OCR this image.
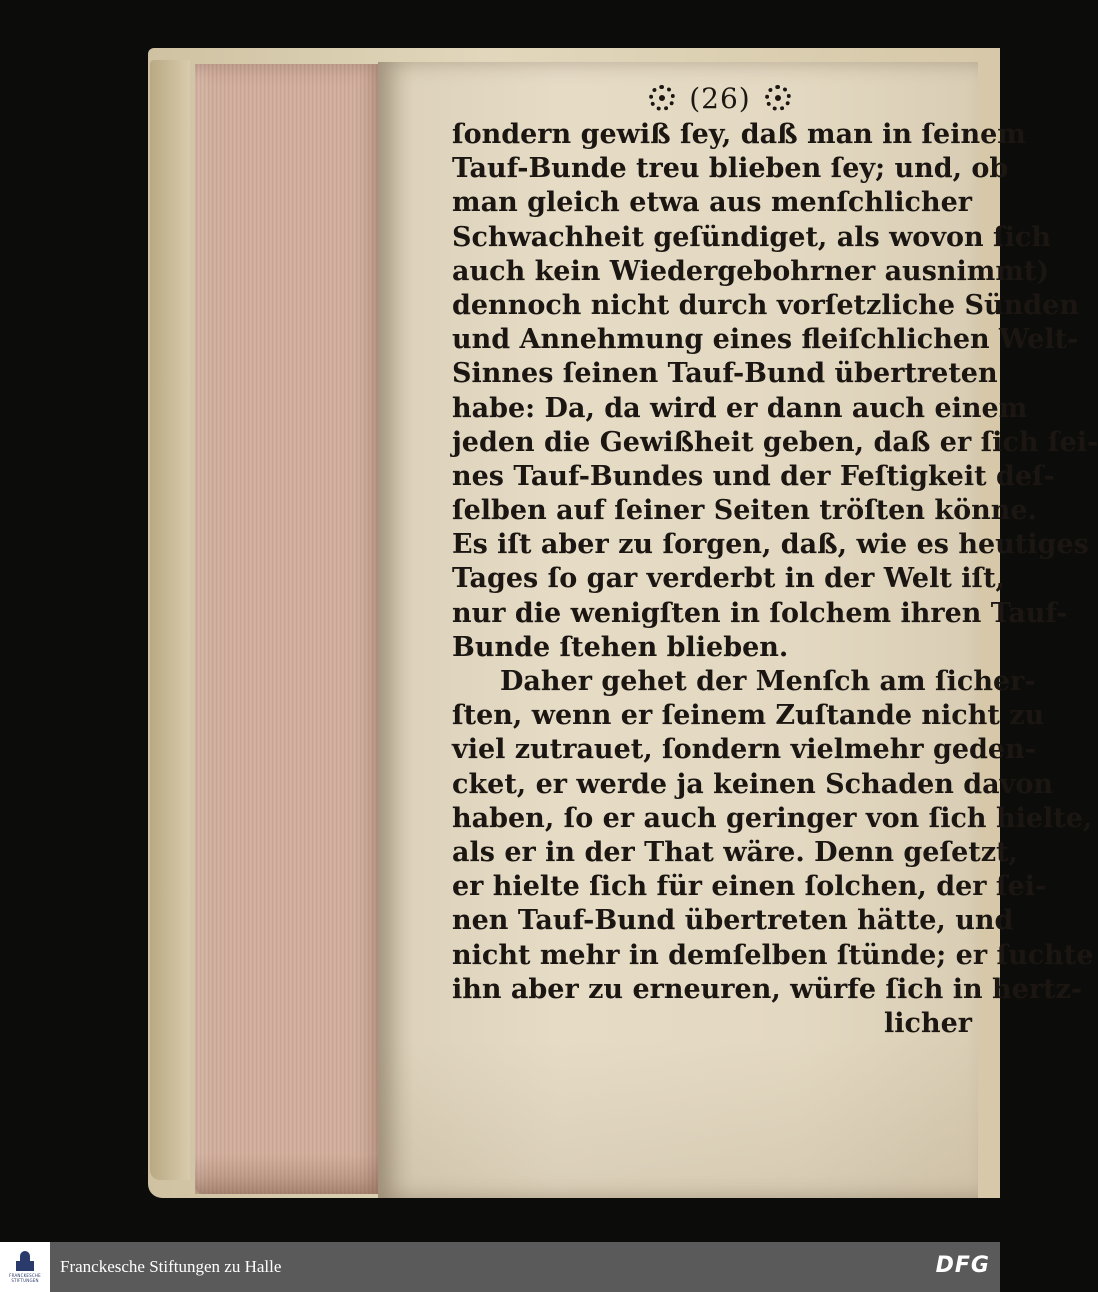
(26)
ſondern gewiß ſey, daß man in ſeinem
Tauf-Bunde treu blieben ſey; und, ob
man gleich etwa aus menſchlicher
Schwachheit geſündiget, als wovon ſich
auch kein Wiedergebohrner ausnimmt)
dennoch nicht durch vorſetzliche Sünden
und Annehmung eines fleiſchlichen Welt-
Sinnes ſeinen Tauf-Bund übertreten
habe: Da, da wird er dann auch einem
jeden die Gewißheit geben, daß er ſich ſei-
nes Tauf-Bundes und der Feſtigkeit deſ-
ſelben auf ſeiner Seiten tröſten könne.
Es iſt aber zu ſorgen, daß, wie es heutiges
Tages ſo gar verderbt in der Welt iſt,
nur die wenigſten in ſolchem ihren Tauf-
Bunde ſtehen blieben.
Daher gehet der Menſch am ſicher-
ſten, wenn er ſeinem Zuſtande nicht zu
viel zutrauet, ſondern vielmehr geden-
cket, er werde ja keinen Schaden davon
haben, ſo er auch geringer von ſich hielte,
als er in der That wäre. Denn geſetzt,
er hielte ſich für einen ſolchen, der ſei-
nen Tauf-Bund übertreten hätte, und
nicht mehr in demſelben ſtünde; er ſuchte
ihn aber zu erneuren, würfe ſich in hertz-
licher
FRANCKESCHE STIFTUNGEN
Franckesche Stiftungen zu Halle	DFG
